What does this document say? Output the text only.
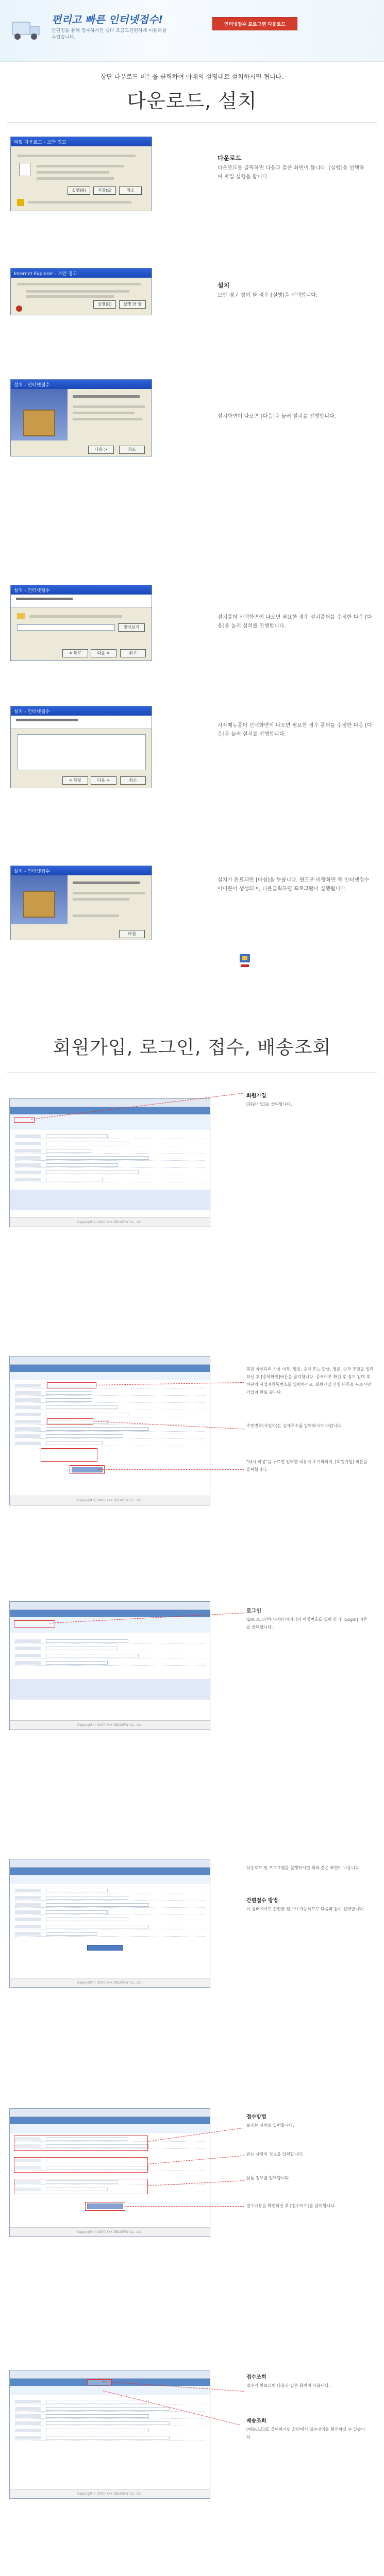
편리고 빠른 인터넷접수!
간편정을 통해 접수하시면 쉽다 조금도진편하게 이용하실수있습니다.
인터넷접수 프로그램 다운로드
상단 다운로드 버튼을 클릭하여 아래의 설명대로 설치하시면 됩니다.
다운로드, 설치
파일 다운로드 - 보안 경고
실행(R)	저장(S)	취소
다운로드
다운로드를 클릭하면 다음과 같은 화면이 뜹니다. [실행]을 선택하여 파일 실행을 합니다.
Internet Explorer - 보안 경고
실행(R)	실행 안 함
설치
보안 경고 창이 뜰 경우 [실행]을 선택합니다.
설치 - 인터넷접수
다음 >	취소
설치화면이 나오면 [다음]을 눌러 설치를 진행합니다.
설치 - 인터넷접수
찾아보기
< 뒤로	다음 >	취소
설치폴더 선택화면이 나오면 필요한 경우 설치폴더를 수정한 다음 [다음]을 눌러 설치를 진행합니다.
설치 - 인터넷접수
< 뒤로	다음 >	취소
시작메뉴폴더 선택화면이 나오면 필요한 경우 폴더를 수정한 다음 [다음]을 눌러 설치를 진행합니다.
설치 - 인터넷접수
마침
설치가 완료되면 [마침]을 누릅니다. 윈도우 바탕화면 쪽 인터넷접수 아이콘이 생성되며, 더블클릭하면 프로그램이 실행됩니다.
회원가입, 로그인, 접수, 배송조회
Copyright ⓒ 2000 XXX DELIVERY Co., Ltd.
회원가입
[회원가입]을 클릭합니다.
Copyright ⓒ 2000 XXX DELIVERY Co., Ltd.
회원 아이디의 사용 여부, 영문, 숫자 또는 한글, 영문, 숫자 조합을 입력하신 후 [중복확인]버튼을 클릭합니다. 중복여부 확인 후 정보 입력 후 하단의 사업자등록번호를 입력하시고, 회원가입 신청 버튼을 누르시면 가입이 완료 됩니다.
주민번호(사업자)는 상세주소를 입력하시기 바랍니다.
"다시 작성"을 누르면 입력한 내용이 초기화되며, [회원가입] 버튼을 클릭합니다.
Copyright ⓒ 2000 XXX DELIVERY Co., Ltd.
로그인
ID로 로그인하시려면 아이디와 비밀번호를 입력 한 후 [Login] 버튼을 클릭합니다.
Copyright ⓒ 2000 XXX DELIVERY Co., Ltd.
다운로드 된 프로그램을 실행하시면 위와 같은 화면이 나옵니다.
간편접수 방법
이 상태에서도 간편한 접수가 가능하므로 다음과 같이 입력합니다.
Copyright ⓒ 2000 XXX DELIVERY Co., Ltd.
접수방법
보내는 사람을 입력합니다.
받는 사람의 정보를 입력합니다.
물품 정보를 입력합니다.
접수내용을 확인하신 후 [접수하기]를 클릭합니다.
Copyright ⓒ 2000 XXX DELIVERY Co., Ltd.
접수조회
접수가 완료되면 다음과 같은 화면이 나옵니다.
배송조회
[배송조회]를 클릭하시면 화면에서 접수내역을 확인하실 수 있습니다.
